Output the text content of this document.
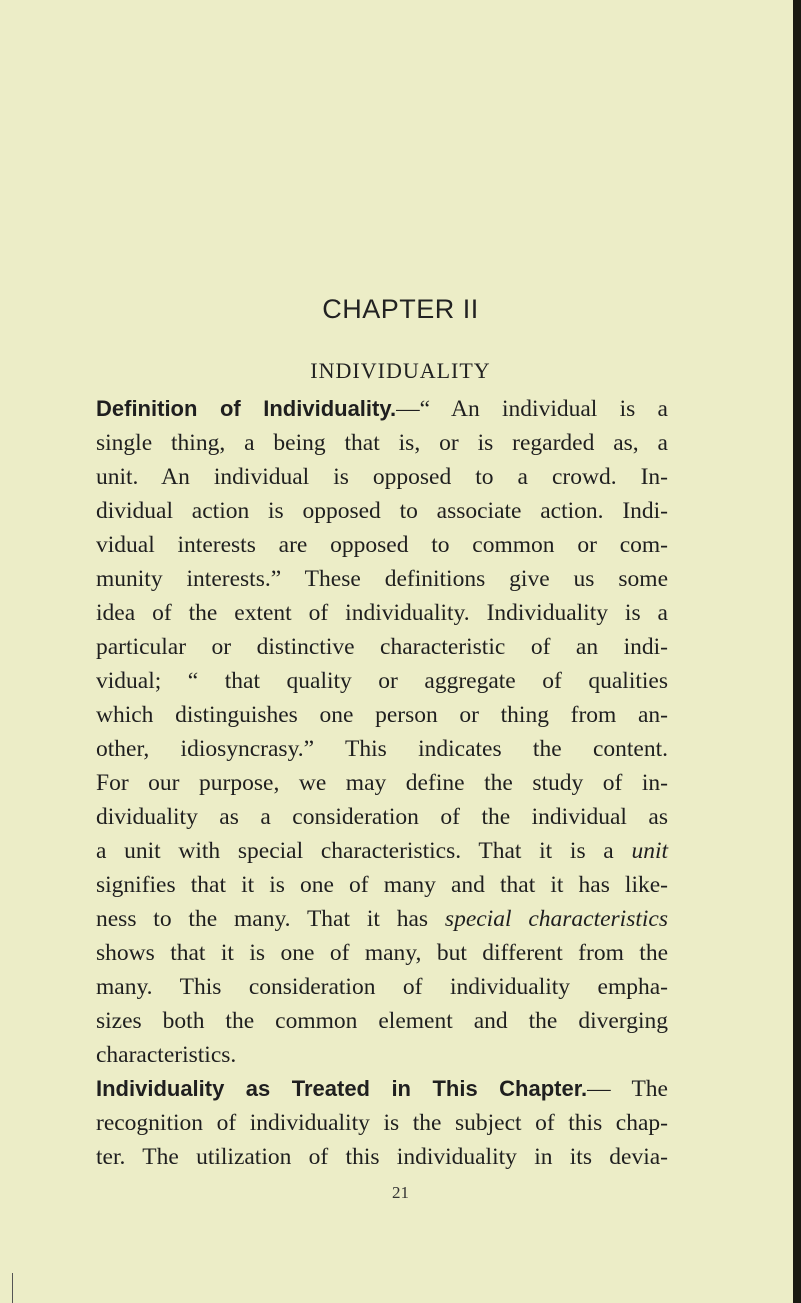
CHAPTER II
INDIVIDUALITY

Definition of Individuality.—“ An individual is a
single thing, a being that is, or is regarded as, a
unit. An individual is opposed to a crowd. In-
dividual action is opposed to associate action. Indi-
vidual interests are opposed to common or com-
munity interests.” These definitions give us some
idea of the extent of individuality. Individuality is a
particular or distinctive characteristic of an indi-
vidual; “ that quality or aggregate of qualities
which distinguishes one person or thing from an-
other, idiosyncrasy.” This indicates the content.
For our purpose, we may define the study of in-
dividuality as a consideration of the individual as
a unit with special characteristics. That it is a unit
signifies that it is one of many and that it has like-
ness to the many. That it has special characteristics
shows that it is one of many, but different from the
many. This consideration of individuality empha-
sizes both the common element and the diverging
characteristics.

Individuality as Treated in This Chapter.— The
recognition of individuality is the subject of this chap-
ter. The utilization of this individuality in its devia-

21
